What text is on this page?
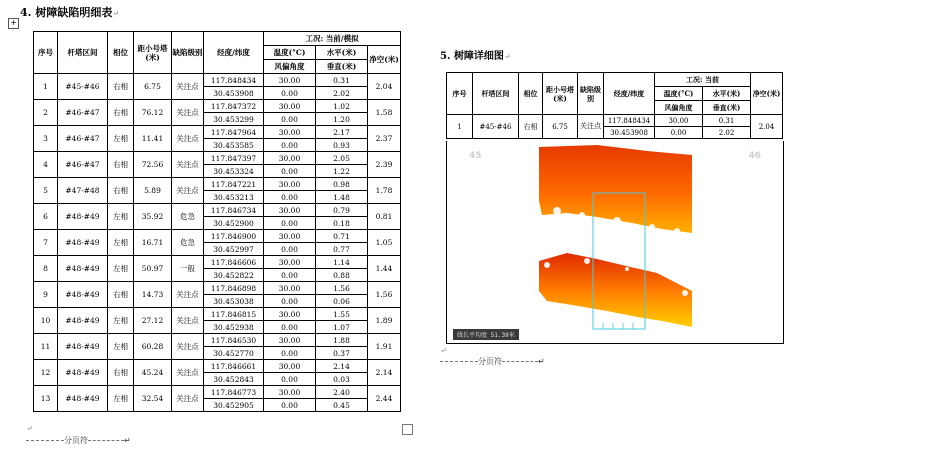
4. 树障缺陷明细表↵
+
序号	杆塔区间	相位	距小号塔(米)	缺陷级别	经度/纬度	工况: 当前/模拟		
						温度(°C)	水平(米)	净空(米)
						风偏角度	垂直(米)	
1	#45-#46	右相	6.75	关注点	117.848434	30.00	0.31	2.04
					30.453908	0.00	2.02	
2	#46-#47	右相	76.12	关注点	117.847372	30.00	1.02	1.58
					30.453299	0.00	1.20	
3	#46-#47	左相	11.41	关注点	117.847964	30.00	2.17	2.37
					30.453585	0.00	0.93	
4	#46-#47	右相	72.56	关注点	117.847397	30.00	2.05	2.39
					30.453324	0.00	1.22	
5	#47-#48	右相	5.89	关注点	117.847221	30.00	0.98	1.78
					30.453213	0.00	1.48	
6	#48-#49	左相	35.92	危急	117.846734	30.00	0.79	0.81
					30.452900	0.00	0.18	
7	#48-#49	左相	16.71	危急	117.846900	30.00	0.71	1.05
					30.452997	0.00	0.77	
8	#48-#49	左相	50.97	一般	117.846606	30.00	1.14	1.44
					30.452822	0.00	0.88	
9	#48-#49	右相	14.73	关注点	117.846898	30.00	1.56	1.56
					30.453038	0.00	0.06	
10	#48-#49	左相	27.12	关注点	117.846815	30.00	1.55	1.89
					30.452938	0.00	1.07	
11	#48-#49	左相	60.28	关注点	117.846530	30.00	1.88	1.91
					30.452770	0.00	0.37	
12	#48-#49	右相	45.24	关注点	117.846661	30.00	2.14	2.14
					30.452843	0.00	0.03	
13	#48-#49	左相	32.54	关注点	117.846773	30.00	2.40	2.44
					30.452905	0.00	0.45	
分页符	↵
↵
5. 树障详细图↵
序号	杆塔区间	相位	距小号塔(米)	缺陷级别	经度/纬度	工况: 当前		净空(米)
						温度(°C)	水平(米)	
						风偏角度	垂直(米)	
1	#45-#46	右相	6.75	关注点	117.848434	30.00	0.31	2.04
					30.453908	0.00	2.02	
45	46
线长平均度 51.39米
↵
分页符	↵
